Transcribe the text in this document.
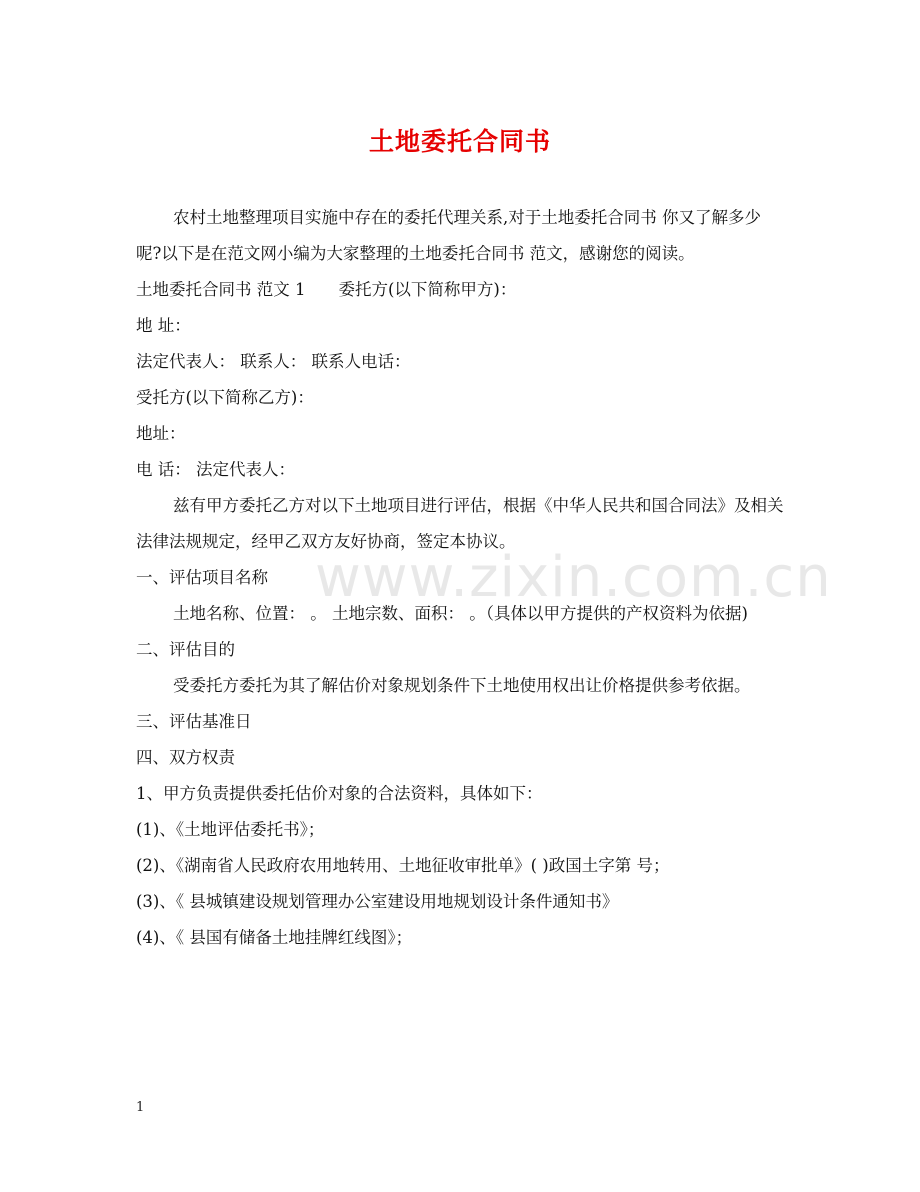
www.zixin.com.cn
土地委托合同书

农村土地整理项目实施中存在的委托代理关系,对于土地委托合同书 你又了解多少呢?以下是在范文网小编为大家整理的土地委托合同书 范文，感谢您的阅读。

土地委托合同书 范文 1　　委托方(以下简称甲方)：

地 址：

法定代表人： 联系人： 联系人电话：

受托方(以下简称乙方)：

地址：

电 话： 法定代表人：

兹有甲方委托乙方对以下土地项目进行评估，根据《中华人民共和国合同法》及相关法律法规规定，经甲乙双方友好协商，签定本协议。

一、评估项目名称

土地名称、位置： 。 土地宗数、面积： 。（具体以甲方提供的产权资料为依据)

二、评估目的

受委托方委托为其了解估价对象规划条件下土地使用权出让价格提供参考依据。

三、评估基准日

四、双方权责

1、甲方负责提供委托估价对象的合法资料，具体如下：

(1)、《土地评估委托书》；

(2)、《湖南省人民政府农用地转用、土地征收审批单》( )政国土字第 号；

(3)、《 县城镇建设规划管理办公室建设用地规划设计条件通知书》

(4)、《 县国有储备土地挂牌红线图》；

1
